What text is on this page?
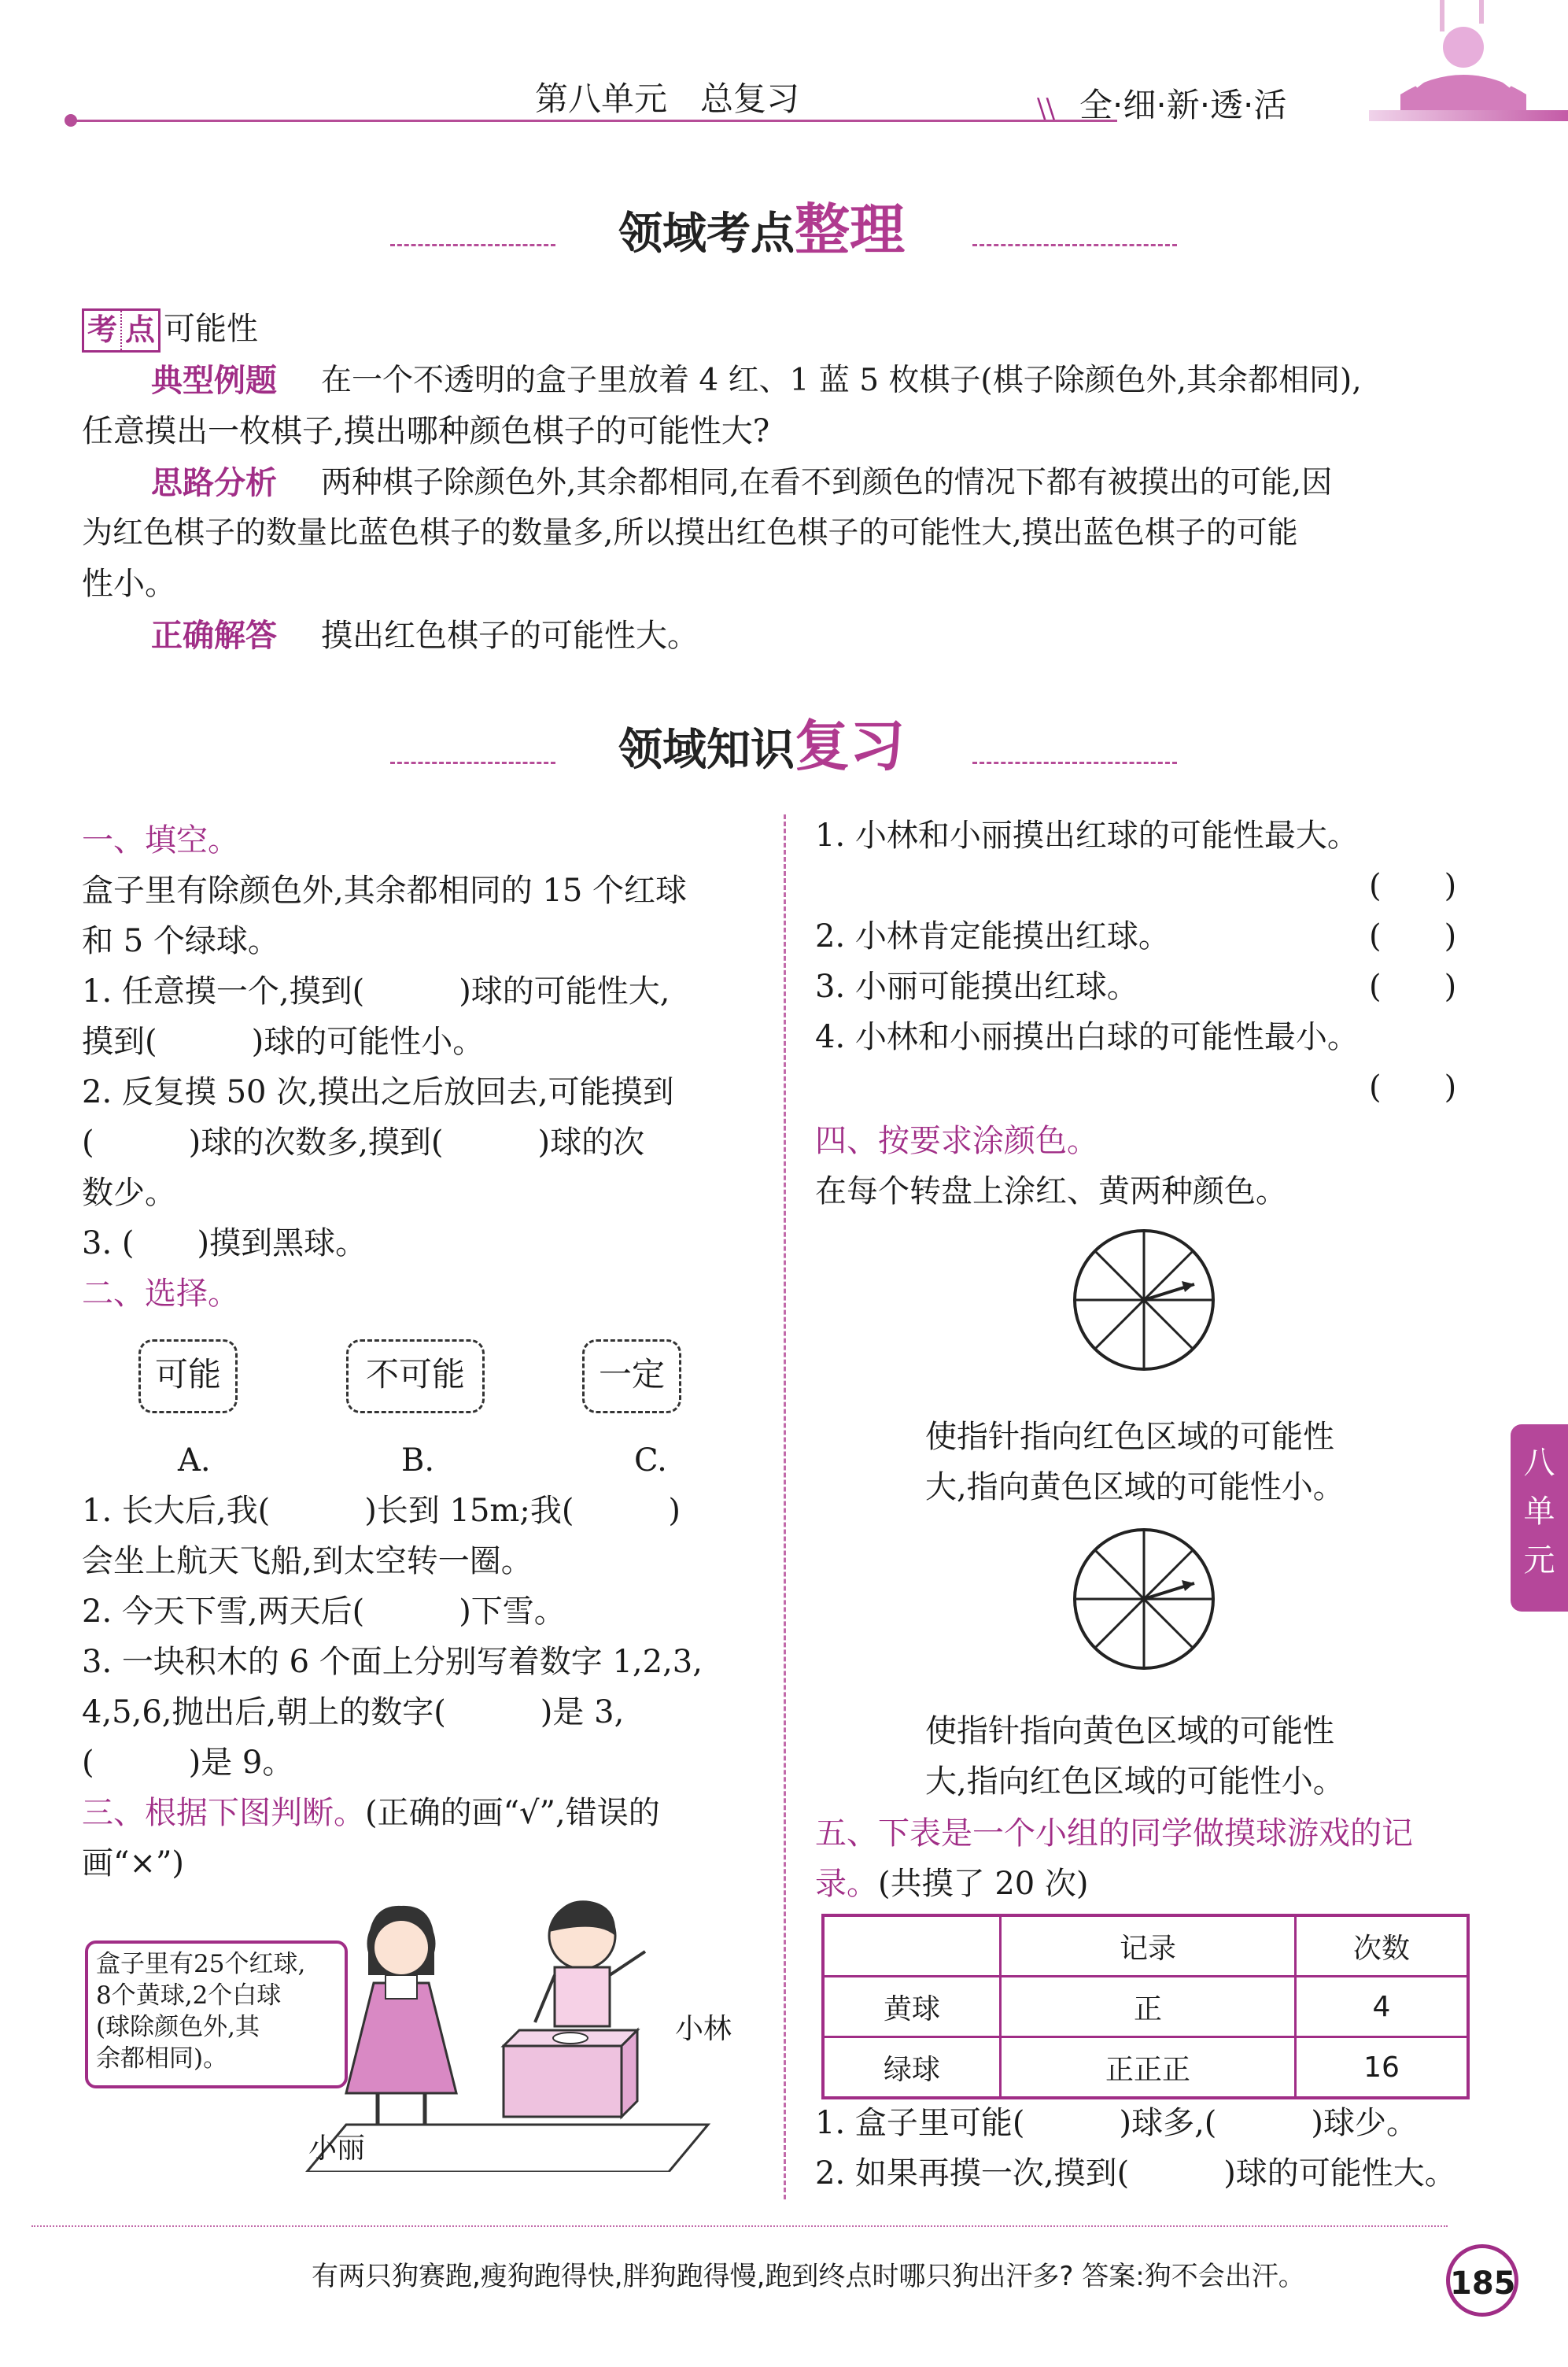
第八单元　总复习	\\ 全·细·新·透·活
领域考点整理
考 点 可能性
典型例题 在一个不透明的盒子里放着 4 红、1 蓝 5 枚棋子(棋子除颜色外,其余都相同),
任意摸出一枚棋子,摸出哪种颜色棋子的可能性大?
思路分析 两种棋子除颜色外,其余都相同,在看不到颜色的情况下都有被摸出的可能,因
为红色棋子的数量比蓝色棋子的数量多,所以摸出红色棋子的可能性大,摸出蓝色棋子的可能
性小。
正确解答 摸出红色棋子的可能性大。
领域知识复习
一、填空。
盒子里有除颜色外,其余都相同的 15 个红球
和 5 个绿球。
1. 任意摸一个,摸到(　　　)球的可能性大,
摸到(　　　)球的可能性小。
2. 反复摸 50 次,摸出之后放回去,可能摸到
(　　　)球的次数多,摸到(　　　)球的次
数少。
3. (　　)摸到黑球。
二、选择。
可能	不可能	一定
A.	B.	C.
1. 长大后,我(　　　)长到 15m;我(　　　)
会坐上航天飞船,到太空转一圈。
2. 今天下雪,两天后(　　　)下雪。
3. 一块积木的 6 个面上分别写着数字 1,2,3,
4,5,6,抛出后,朝上的数字(　　　)是 3,
(　　　)是 9。
三、根据下图判断。(正确的画“√”,错误的
画“×”)
盒子里有25个红球,
8个黄球,2个白球
(球除颜色外,其
余都相同)。
小林
小丽
1. 小林和小丽摸出红球的可能性最大。
(　　)
2. 小林肯定能摸出红球。	(　　)
3. 小丽可能摸出红球。	(　　)
4. 小林和小丽摸出白球的可能性最小。
(　　)
四、按要求涂颜色。
在每个转盘上涂红、黄两种颜色。
使指针指向红色区域的可能性
大,指向黄色区域的可能性小。
使指针指向黄色区域的可能性
大,指向红色区域的可能性小。
五、下表是一个小组的同学做摸球游戏的记
录。(共摸了 20 次)
	记录	次数
黄球	正	4
绿球	正正正	16
1. 盒子里可能(　　　)球多,(　　　)球少。
2. 如果再摸一次,摸到(　　　)球的可能性大。
八
单
元
有两只狗赛跑,瘦狗跑得快,胖狗跑得慢,跑到终点时哪只狗出汗多? 答案:狗不会出汗。	185
